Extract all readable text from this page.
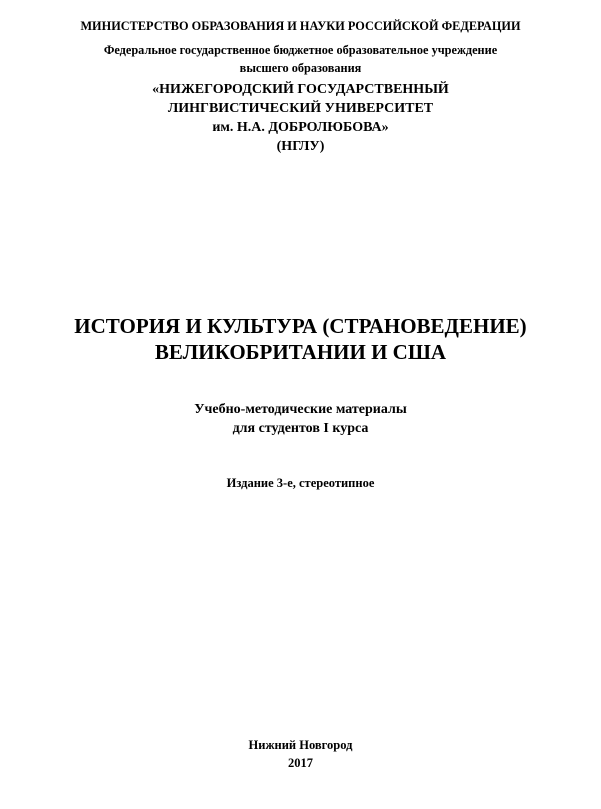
МИНИСТЕРСТВО ОБРАЗОВАНИЯ И НАУКИ РОССИЙСКОЙ ФЕДЕРАЦИИ
Федеральное государственное бюджетное образовательное учреждение
высшего образования
«НИЖЕГОРОДСКИЙ ГОСУДАРСТВЕННЫЙ
ЛИНГВИСТИЧЕСКИЙ УНИВЕРСИТЕТ
им. Н.А. ДОБРОЛЮБОВА»
(НГЛУ)
ИСТОРИЯ И КУЛЬТУРА (СТРАНОВЕДЕНИЕ)
ВЕЛИКОБРИТАНИИ И США
Учебно-методические материалы
для студентов I курса
Издание 3-е, стереотипное
Нижний Новгород
2017
